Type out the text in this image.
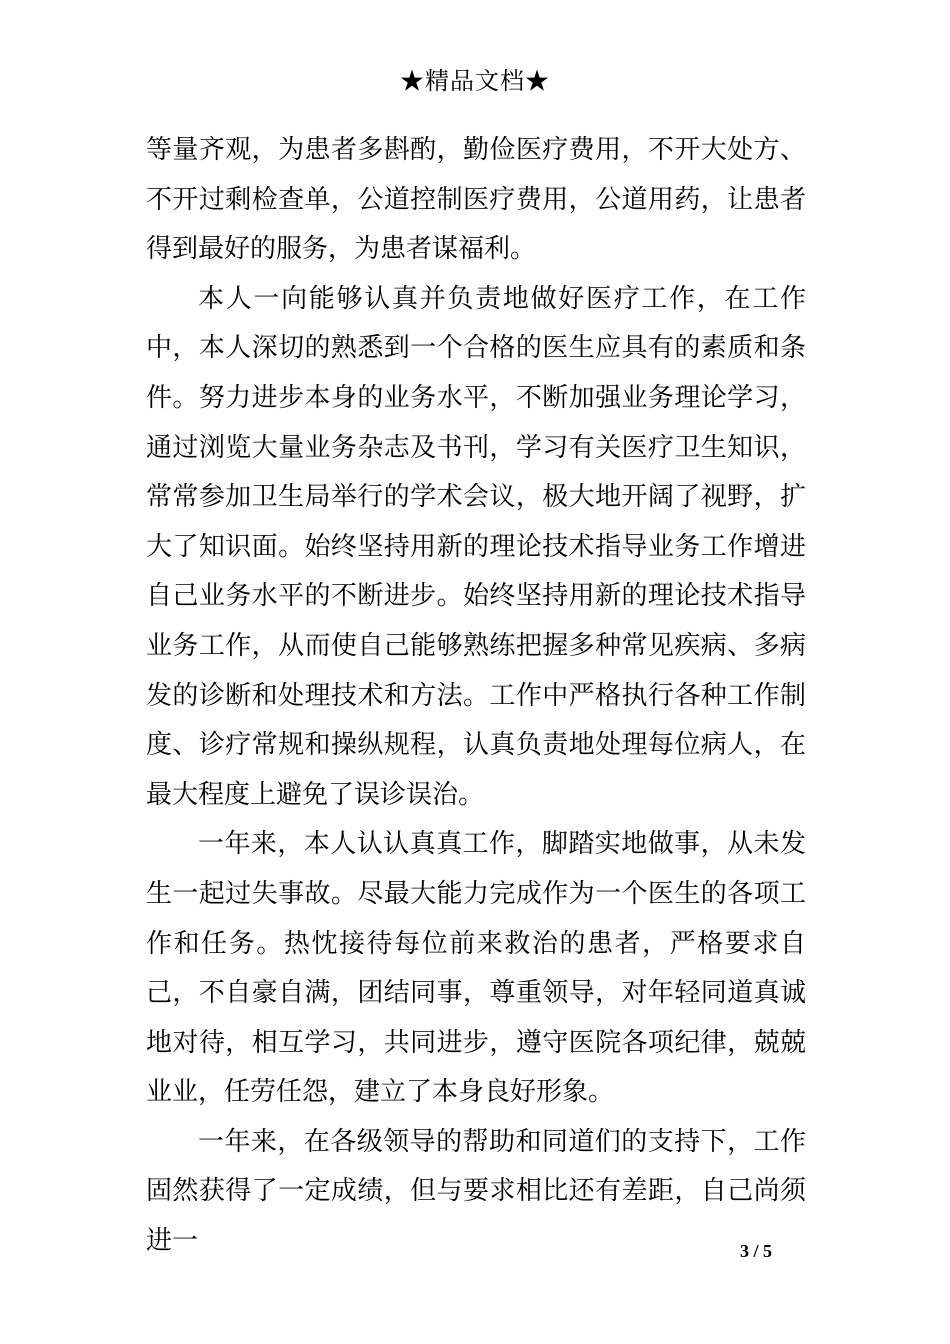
★精品文档★

等量齐观，为患者多斟酌，勤俭医疗费用，不开大处方、不开过剩检查单，公道控制医疗费用，公道用药，让患者得到最好的服务，为患者谋福利。

本人一向能够认真并负责地做好医疗工作，在工作中，本人深切的熟悉到一个合格的医生应具有的素质和条件。努力进步本身的业务水平，不断加强业务理论学习，通过浏览大量业务杂志及书刊，学习有关医疗卫生知识，常常参加卫生局举行的学术会议，极大地开阔了视野，扩大了知识面。始终坚持用新的理论技术指导业务工作增进自己业务水平的不断进步。始终坚持用新的理论技术指导业务工作，从而使自己能够熟练把握多种常见疾病、多病发的诊断和处理技术和方法。工作中严格执行各种工作制度、诊疗常规和操纵规程，认真负责地处理每位病人，在最大程度上避免了误诊误治。

一年来，本人认认真真工作，脚踏实地做事，从未发生一起过失事故。尽最大能力完成作为一个医生的各项工作和任务。热忱接待每位前来救治的患者，严格要求自己，不自豪自满，团结同事，尊重领导，对年轻同道真诚地对待，相互学习，共同进步，遵守医院各项纪律，兢兢业业，任劳任怨，建立了本身良好形象。

一年来，在各级领导的帮助和同道们的支持下，工作固然获得了一定成绩，但与要求相比还有差距，自己尚须进一	3 / 5
